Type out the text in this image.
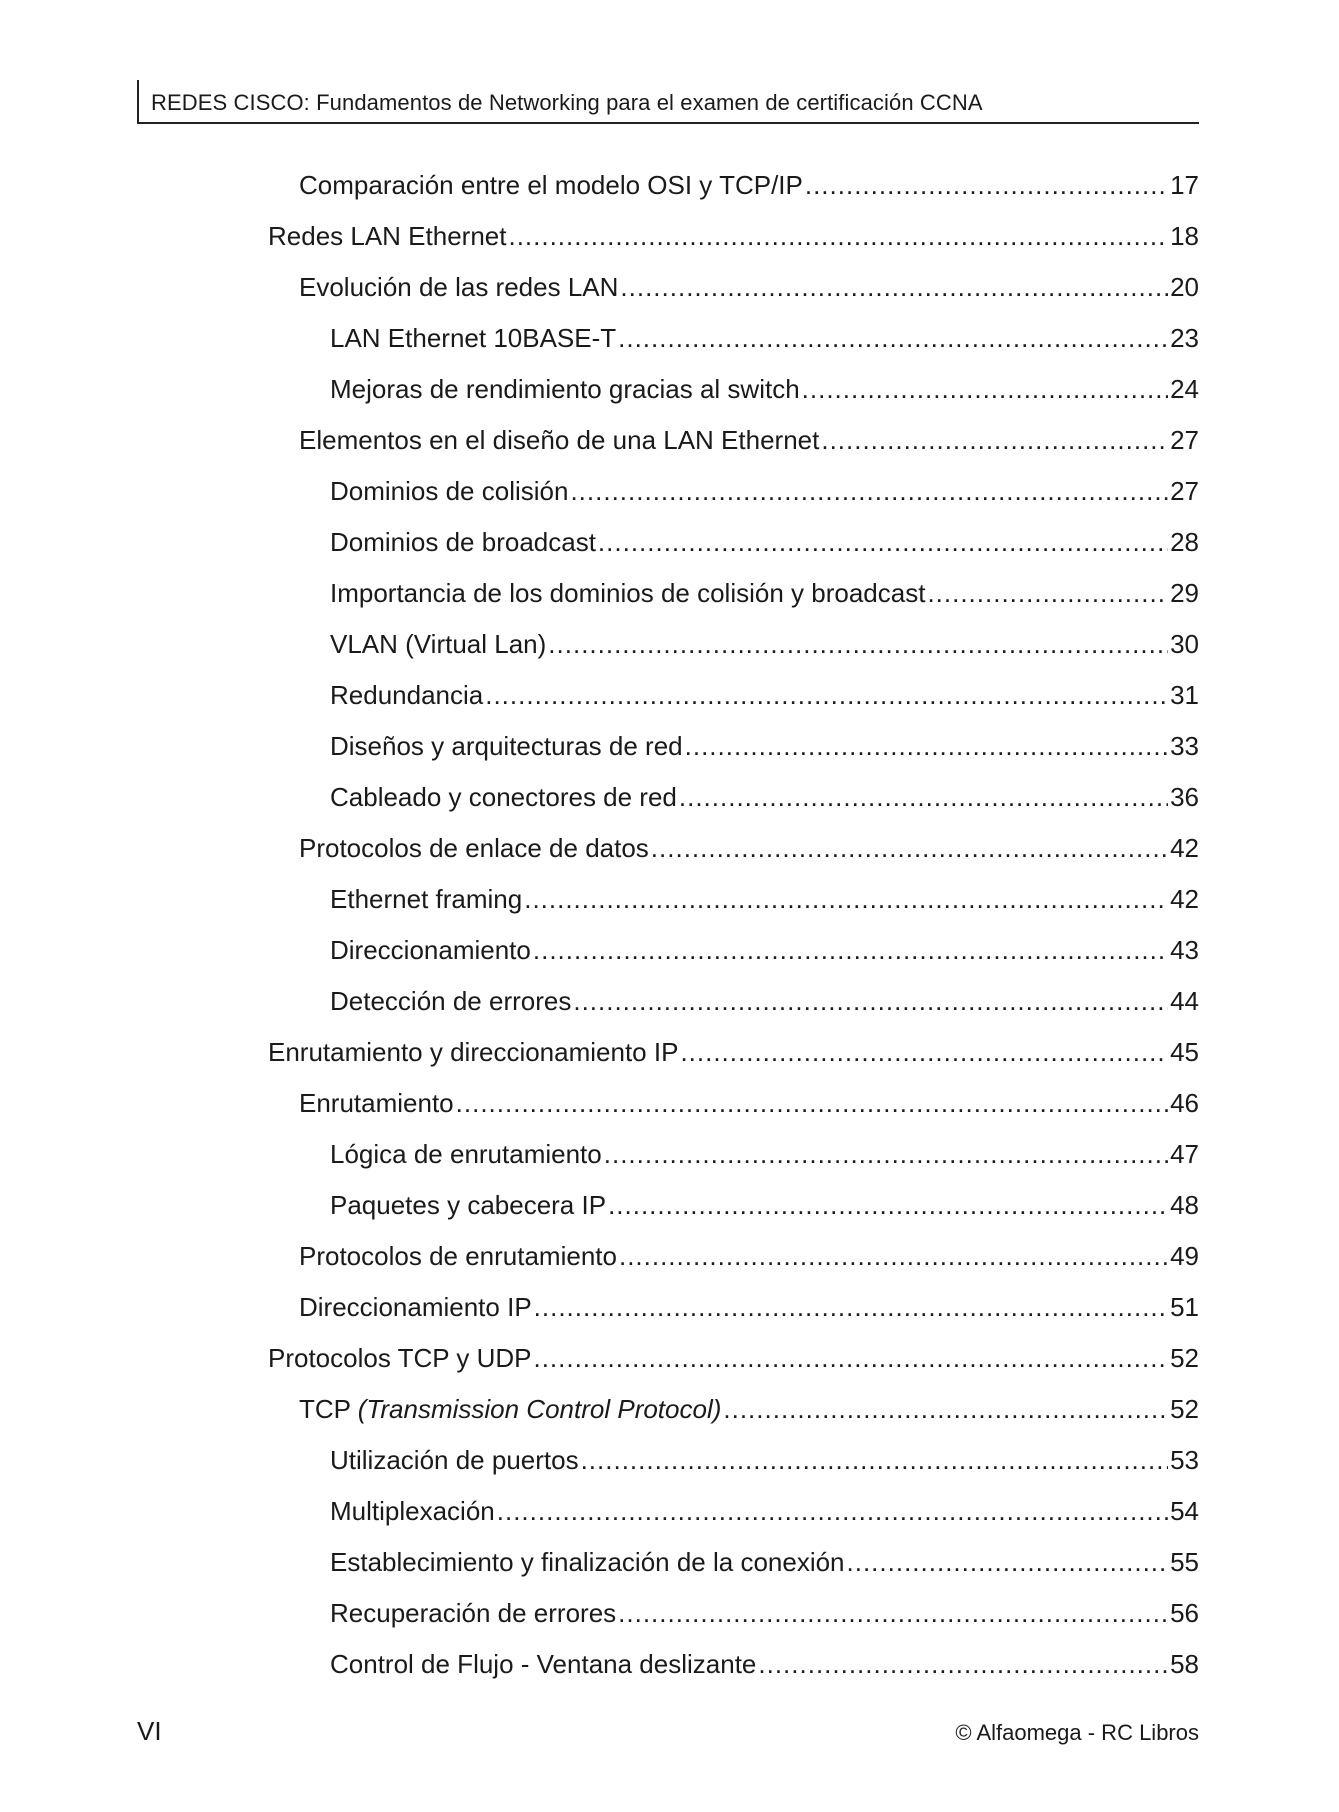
REDES CISCO: Fundamentos de Networking para el examen de certificación CCNA
Comparación entre el modelo OSI y TCP/IP .....	17
Redes LAN Ethernet .....	18
Evolución de las redes LAN .....	20
LAN Ethernet 10BASE-T .....	23
Mejoras de rendimiento gracias al switch .....	24
Elementos en el diseño de una LAN Ethernet .....	27
Dominios de colisión .....	27
Dominios de broadcast .....	28
Importancia de los dominios de colisión y broadcast .....	29
VLAN (Virtual Lan) .....	30
Redundancia .....	31
Diseños y arquitecturas de red .....	33
Cableado y conectores de red .....	36
Protocolos de enlace de datos .....	42
Ethernet framing .....	42
Direccionamiento .....	43
Detección de errores .....	44
Enrutamiento y direccionamiento IP .....	45
Enrutamiento .....	46
Lógica de enrutamiento .....	47
Paquetes y cabecera IP .....	48
Protocolos de enrutamiento .....	49
Direccionamiento IP .....	51
Protocolos TCP y UDP .....	52
TCP (Transmission Control Protocol) .....	52
Utilización de puertos .....	53
Multiplexación .....	54
Establecimiento y finalización de la conexión .....	55
Recuperación de errores .....	56
Control de Flujo - Ventana deslizante .....	58
VI	© Alfaomega - RC Libros
